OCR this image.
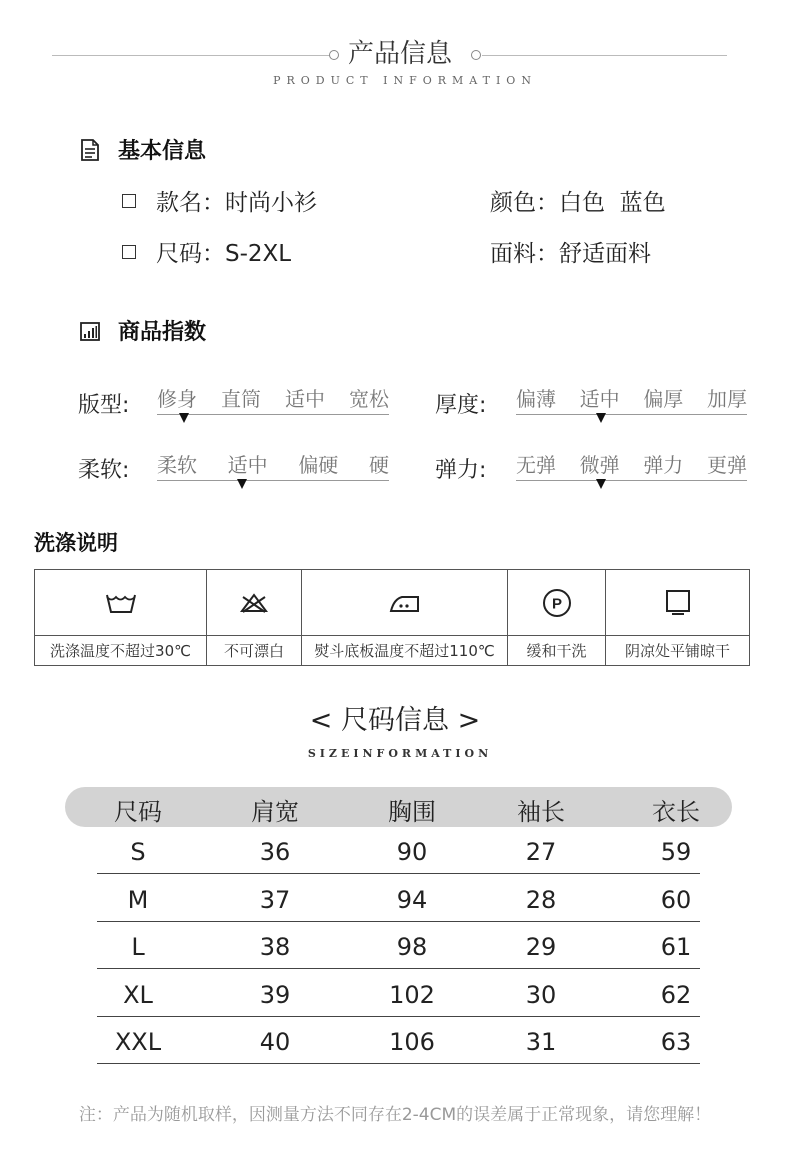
产品信息
PRODUCT INFORMATION
基本信息
款名：时尚小衫	颜色：白色  蓝色
尺码：S-2XL	面料：舒适面料
商品指数
版型: 修身 直筒 适中 宽松 厚度: 偏薄 适中 偏厚 加厚
柔软: 柔软 适中 偏硬 硬 弹力: 无弹 微弹 弹力 更弹
洗涤说明
洗涤温度不超过30℃	不可漂白	熨斗底板温度不超过110℃
P
缓和干洗	阴凉处平铺晾干
< 尺码信息 >
SIZEINFORMATION
尺码	肩宽	胸围	袖长	衣长
S	36	90	27	59
M	37	94	28	60
L	38	98	29	61
XL	39	102	30	62
XXL	40	106	31	63
注：产品为随机取样，因测量方法不同存在2-4CM的误差属于正常现象，请您理解！
